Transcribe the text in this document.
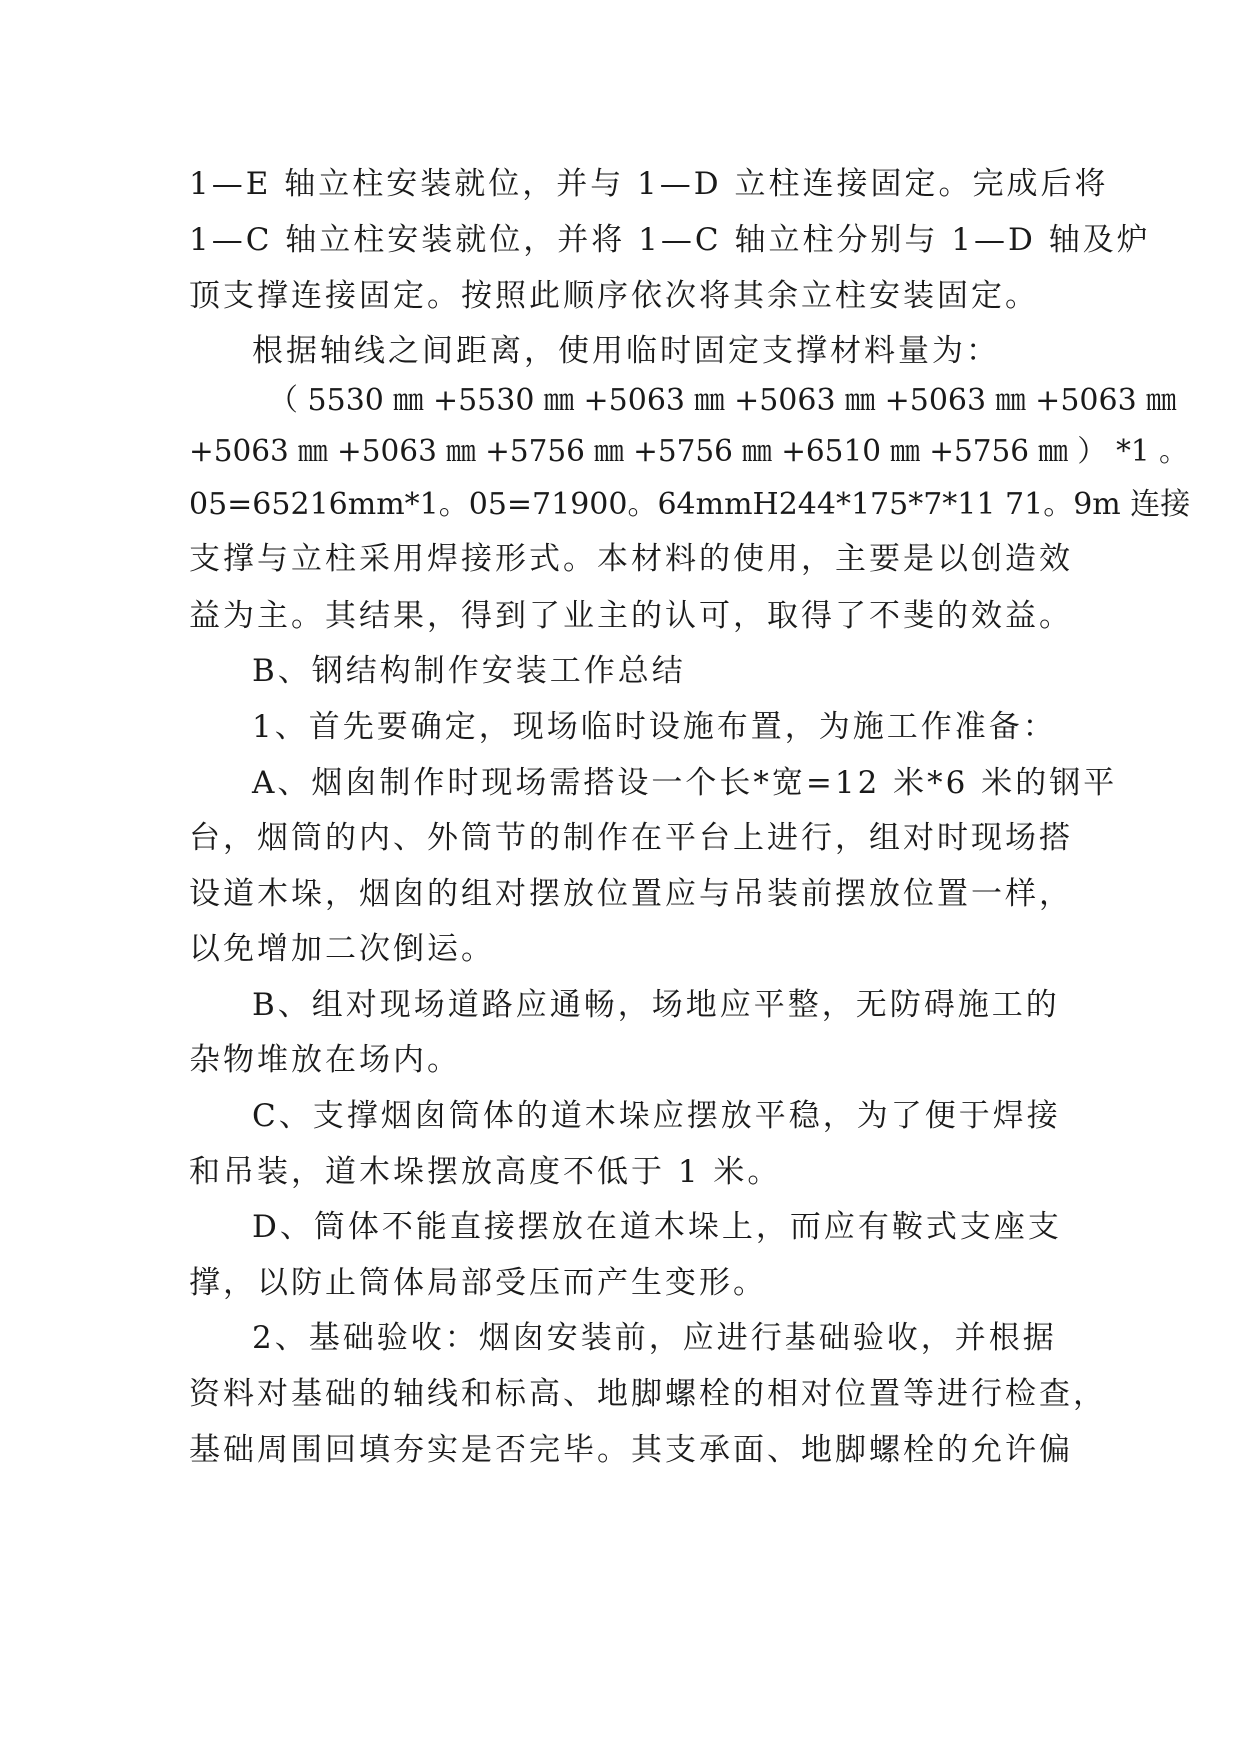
1—E 轴立柱安装就位，并与 1—D 立柱连接固定。完成后将
1—C 轴立柱安装就位，并将 1—C 轴立柱分别与 1—D 轴及炉
顶支撑连接固定。按照此顺序依次将其余立柱安装固定。
根据轴线之间距离，使用临时固定支撑材料量为：
（ 5530 ㎜ +5530 ㎜ +5063 ㎜ +5063 ㎜ +5063 ㎜ +5063 ㎜
+5063 ㎜ +5063 ㎜ +5756 ㎜ +5756 ㎜ +6510 ㎜ +5756 ㎜ ） *1 。
05=65216mm*1。05=71900。64mmH244*175*7*11 71。9m 连接
支撑与立柱采用焊接形式。本材料的使用，主要是以创造效
益为主。其结果，得到了业主的认可，取得了不斐的效益。
B、钢结构制作安装工作总结
1、首先要确定，现场临时设施布置，为施工作准备：
A、烟囱制作时现场需搭设一个长*宽=12 米*6 米的钢平
台，烟筒的内、外筒节的制作在平台上进行，组对时现场搭
设道木垛，烟囱的组对摆放位置应与吊装前摆放位置一样，
以免增加二次倒运。
B、组对现场道路应通畅，场地应平整，无防碍施工的
杂物堆放在场内。
C、支撑烟囱筒体的道木垛应摆放平稳，为了便于焊接
和吊装，道木垛摆放高度不低于 1 米。
D、筒体不能直接摆放在道木垛上，而应有鞍式支座支
撑，以防止筒体局部受压而产生变形。
2、基础验收：烟囱安装前，应进行基础验收，并根据
资料对基础的轴线和标高、地脚螺栓的相对位置等进行检查，
基础周围回填夯实是否完毕。其支承面、地脚螺栓的允许偏
